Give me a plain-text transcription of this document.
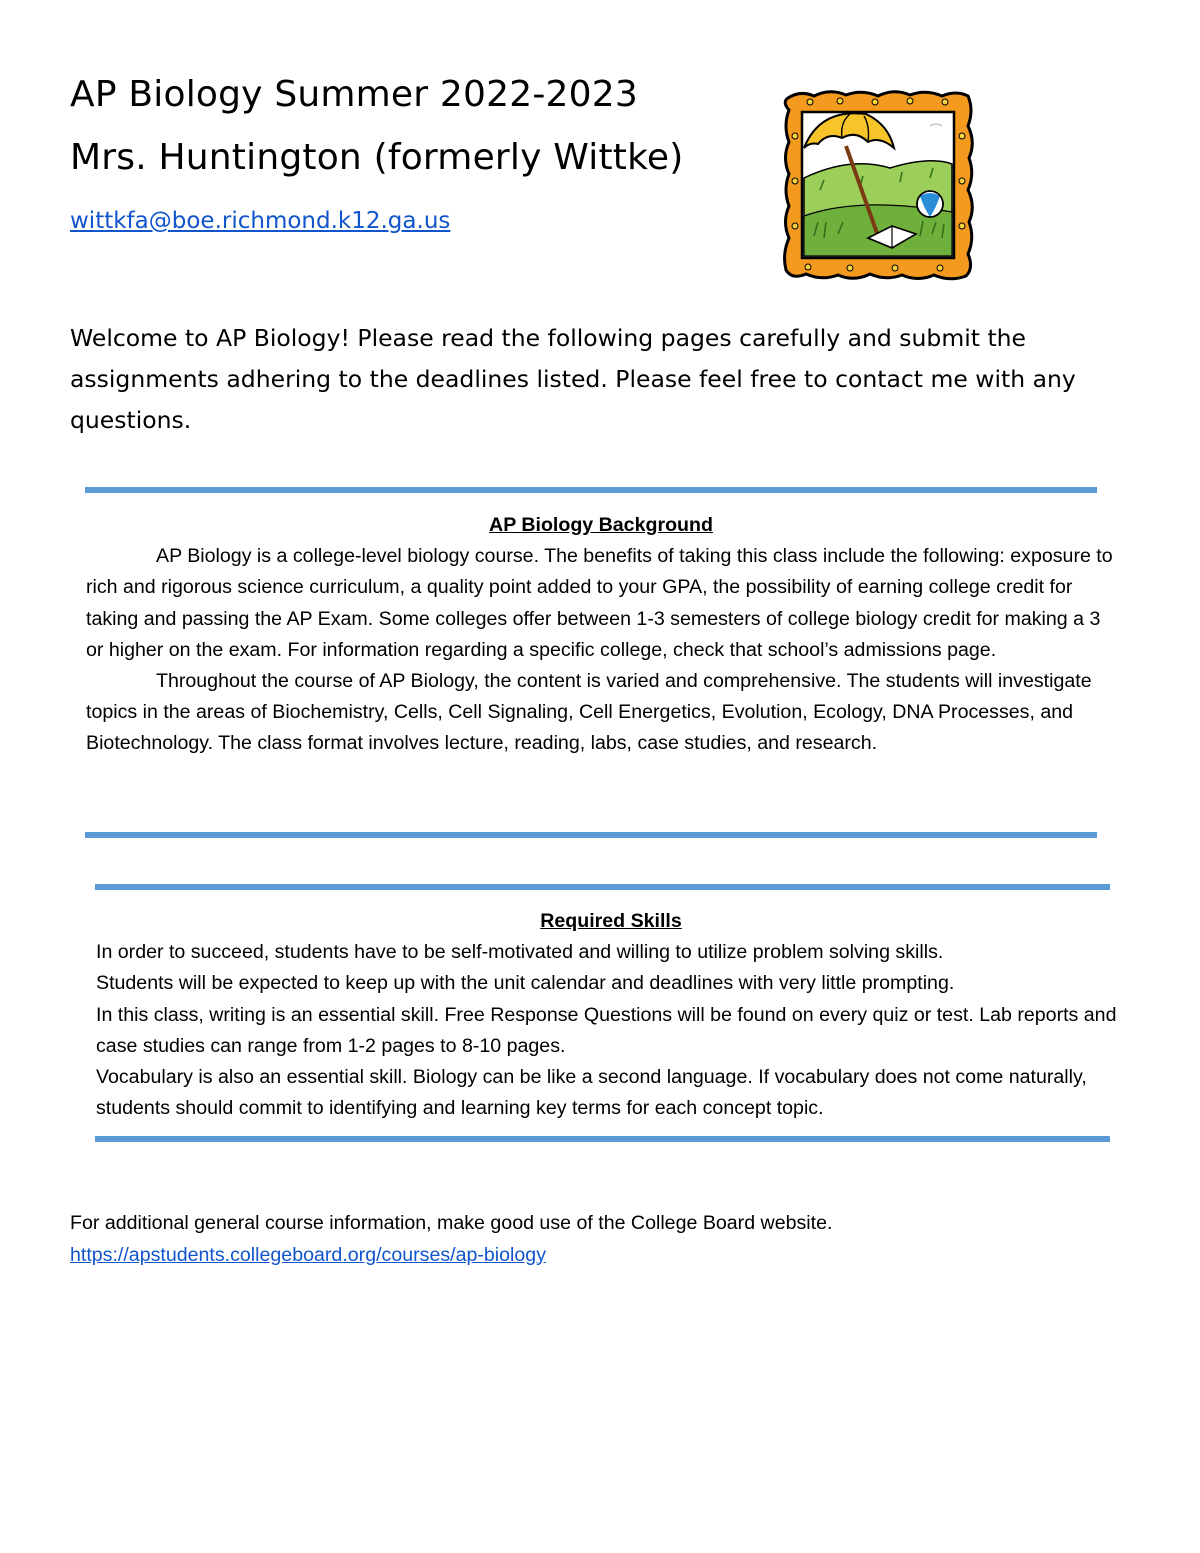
AP Biology Summer 2022-2023
Mrs. Huntington (formerly Wittke)
wittkfa@boe.richmond.k12.ga.us

Welcome to AP Biology! Please read the following pages carefully and submit the assignments adhering to the deadlines listed. Please feel free to contact me with any questions.

AP Biology Background

AP Biology is a college-level biology course. The benefits of taking this class include the following: exposure to rich and rigorous science curriculum, a quality point added to your GPA, the possibility of earning college credit for taking and passing the AP Exam. Some colleges offer between 1-3 semesters of college biology credit for making a 3 or higher on the exam. For information regarding a specific college, check that school’s admissions page.

Throughout the course of AP Biology, the content is varied and comprehensive. The students will investigate topics in the areas of Biochemistry, Cells, Cell Signaling, Cell Energetics, Evolution, Ecology, DNA Processes, and Biotechnology. The class format involves lecture, reading, labs, case studies, and research.

Required Skills

In order to succeed, students have to be self-motivated and willing to utilize problem solving skills.

Students will be expected to keep up with the unit calendar and deadlines with very little prompting.

In this class, writing is an essential skill. Free Response Questions will be found on every quiz or test. Lab reports and case studies can range from 1-2 pages to 8-10 pages.

Vocabulary is also an essential skill. Biology can be like a second language. If vocabulary does not come naturally, students should commit to identifying and learning key terms for each concept topic.

For additional general course information, make good use of the College Board website.
https://apstudents.collegeboard.org/courses/ap-biology
